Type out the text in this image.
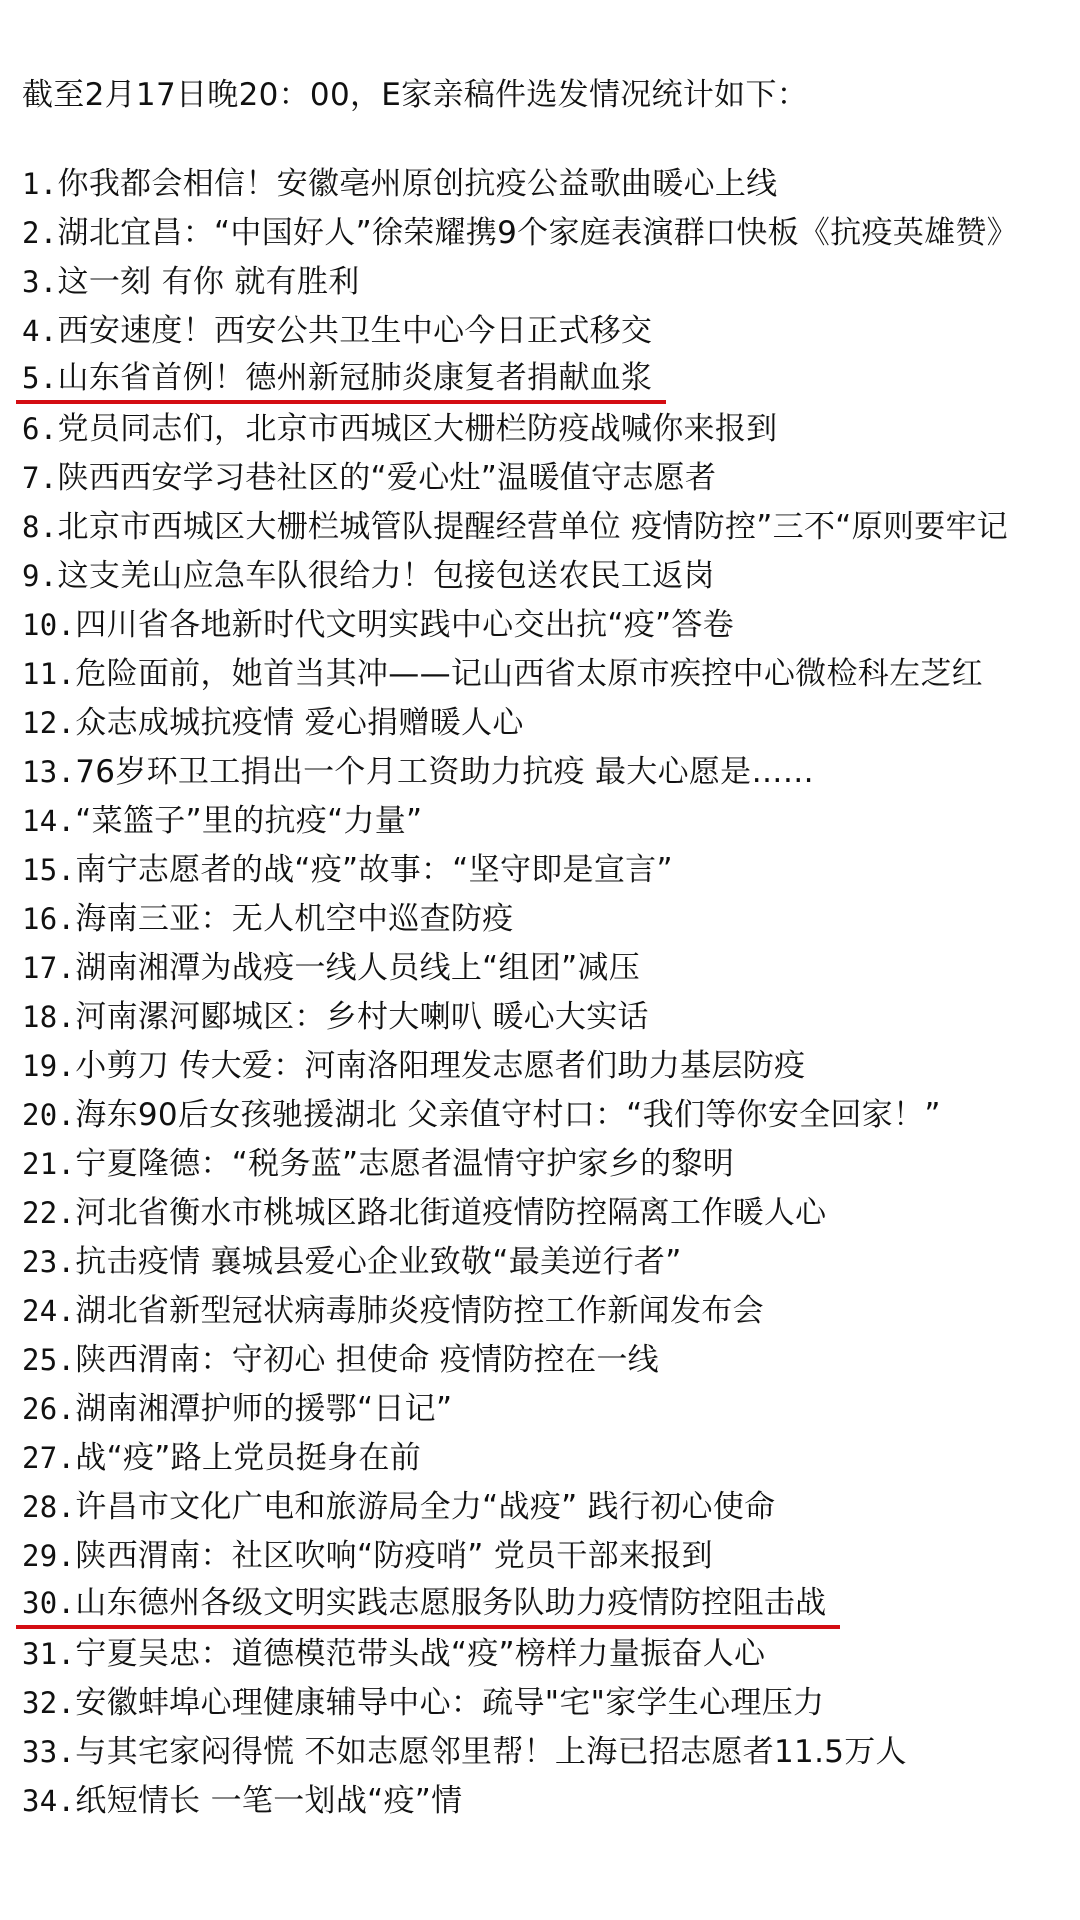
截至2月17日晚20：00，E家亲稿件选发情况统计如下：
1.你我都会相信！安徽亳州原创抗疫公益歌曲暖心上线
2.湖北宜昌：“中国好人”徐荣耀携9个家庭表演群口快板《抗疫英雄赞》
3.这一刻 有你 就有胜利
4.西安速度！西安公共卫生中心今日正式移交
5.山东省首例！德州新冠肺炎康复者捐献血浆
6.党员同志们，北京市西城区大栅栏防疫战喊你来报到
7.陕西西安学习巷社区的“爱心灶”温暖值守志愿者
8.北京市西城区大栅栏城管队提醒经营单位 疫情防控”三不“原则要牢记
9.这支羌山应急车队很给力！包接包送农民工返岗
10.四川省各地新时代文明实践中心交出抗“疫”答卷
11.危险面前，她首当其冲——记山西省太原市疾控中心微检科左芝红
12.众志成城抗疫情 爱心捐赠暖人心
13.76岁环卫工捐出一个月工资助力抗疫 最大心愿是……
14.“菜篮子”里的抗疫“力量”
15.南宁志愿者的战“疫”故事：“坚守即是宣言”
16.海南三亚：无人机空中巡查防疫
17.湖南湘潭为战疫一线人员线上“组团”减压
18.河南漯河郾城区：乡村大喇叭 暖心大实话
19.小剪刀 传大爱：河南洛阳理发志愿者们助力基层防疫
20.海东90后女孩驰援湖北 父亲值守村口：“我们等你安全回家！”
21.宁夏隆德：“税务蓝”志愿者温情守护家乡的黎明
22.河北省衡水市桃城区路北街道疫情防控隔离工作暖人心
23.抗击疫情 襄城县爱心企业致敬“最美逆行者”
24.湖北省新型冠状病毒肺炎疫情防控工作新闻发布会
25.陕西渭南：守初心 担使命 疫情防控在一线
26.湖南湘潭护师的援鄂“日记”
27.战“疫”路上党员挺身在前
28.许昌市文化广电和旅游局全力“战疫” 践行初心使命
29.陕西渭南：社区吹响“防疫哨” 党员干部来报到
30.山东德州各级文明实践志愿服务队助力疫情防控阻击战
31.宁夏吴忠：道德模范带头战“疫”榜样力量振奋人心
32.安徽蚌埠心理健康辅导中心：疏导"宅"家学生心理压力
33.与其宅家闷得慌 不如志愿邻里帮！上海已招志愿者11.5万人
34.纸短情长 一笔一划战“疫”情
